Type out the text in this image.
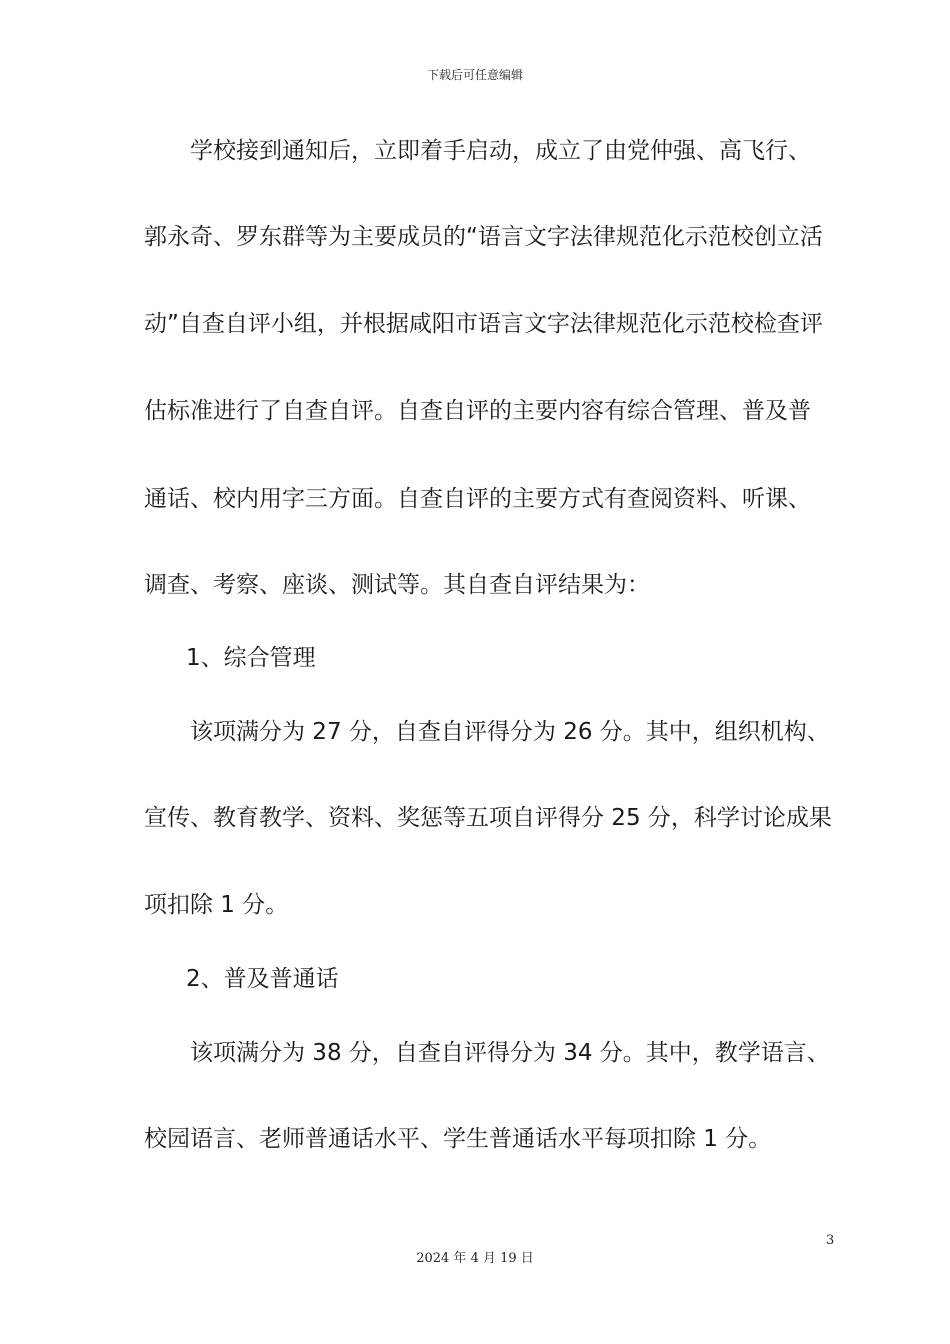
下载后可任意编辑
学校接到通知后，立即着手启动，成立了由党仲强、高飞行、
郭永奇、罗东群等为主要成员的“语言文字法律规范化示范校创立活
动”自查自评小组，并根据咸阳市语言文字法律规范化示范校检查评
估标准进行了自查自评。自查自评的主要内容有综合管理、普及普
通话、校内用字三方面。自查自评的主要方式有查阅资料、听课、
调查、考察、座谈、测试等。其自查自评结果为：
1、综合管理
该项满分为 27 分，自查自评得分为 26 分。其中，组织机构、
宣传、教育教学、资料、奖惩等五项自评得分 25 分，科学讨论成果
项扣除 1 分。
2、普及普通话
该项满分为 38 分，自查自评得分为 34 分。其中，教学语言、
校园语言、老师普通话水平、学生普通话水平每项扣除 1 分。
3
2024 年 4 月 19 日
